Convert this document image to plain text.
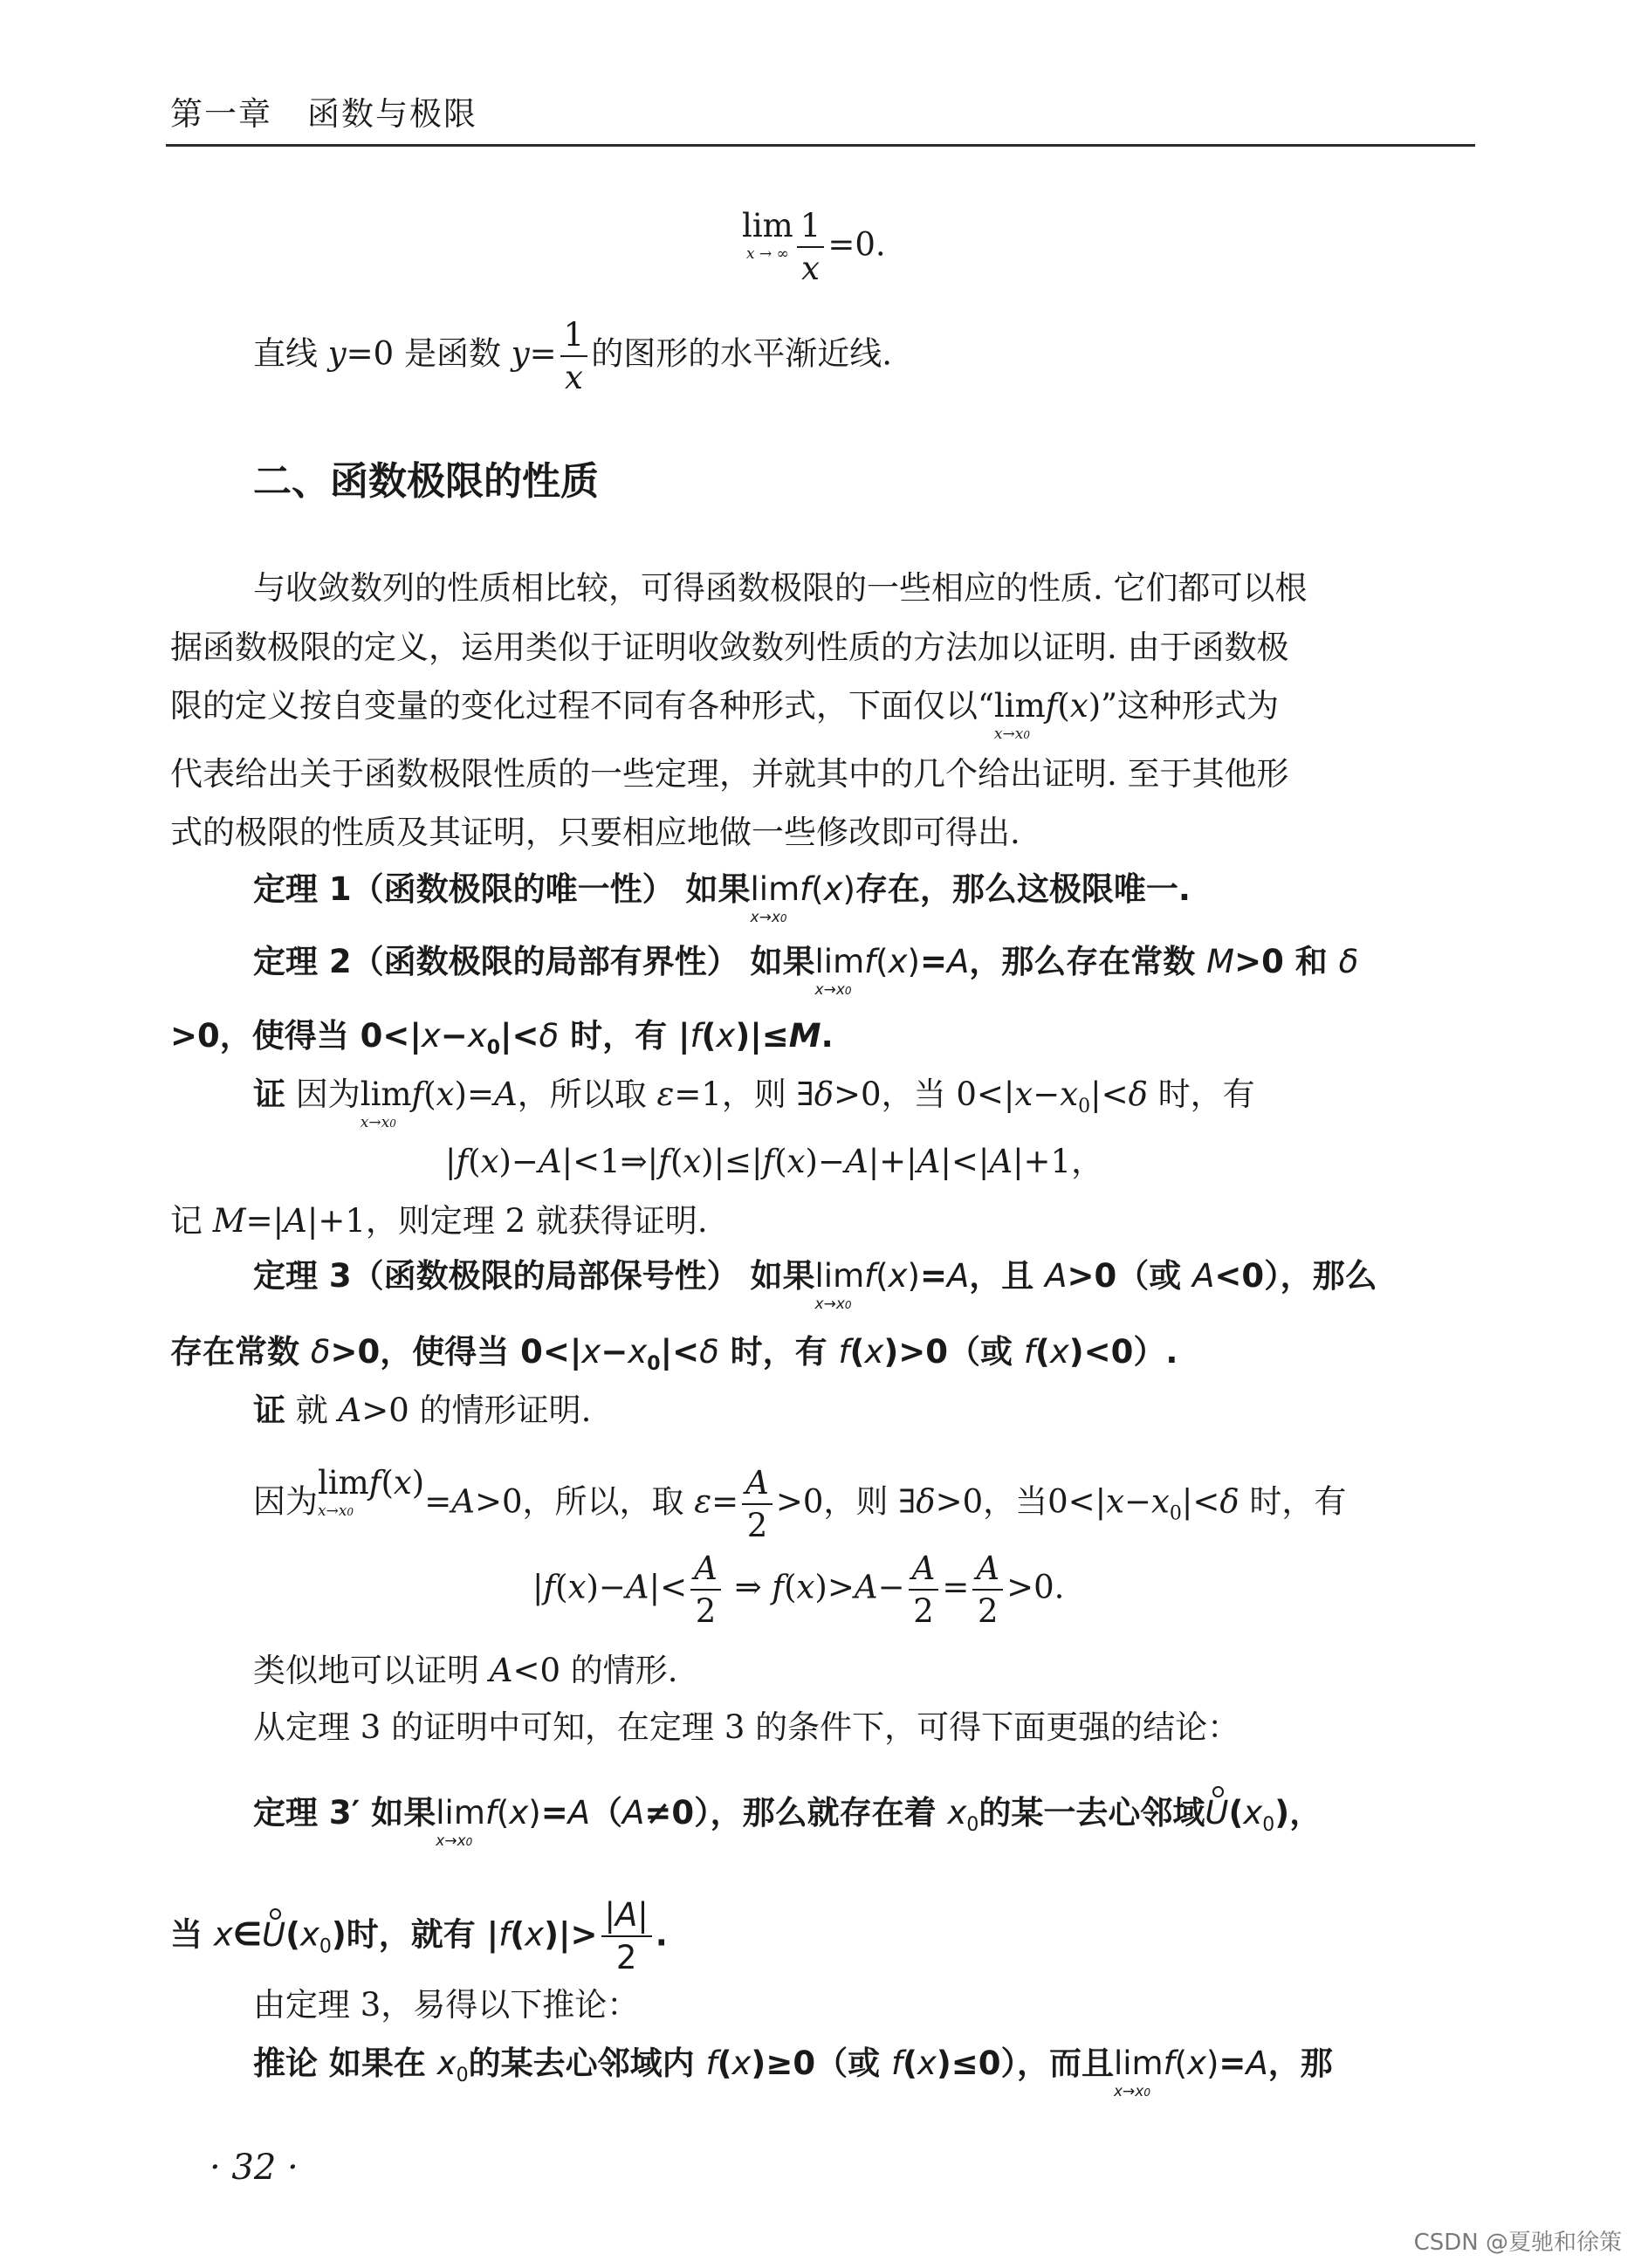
第一章 函数与极限
lim
x → ∞ $\frac{1}{x} =0$.
直线 y=0 是函数 $y= \frac{1}{x}$ 的图形的水平渐近线.
二、函数极限的性质
与收敛数列的性质相比较，可得函数极限的一些相应的性质. 它们都可以根
据函数极限的定义，运用类似于证明收敛数列性质的方法加以证明. 由于函数极
限的定义按自变量的变化过程不同有各种形式，下面仅以“ limf(x)
x→x0
”这种形式为
代表给出关于函数极限性质的一些定理，并就其中的几个给出证明. 至于其他形
式的极限的性质及其证明，只要相应地做一些修改即可得出.
定理 1（函数极限的唯一性） 如果 limf(x)
x→x0
存在，那么这极限唯一.
定理 2（函数极限的局部有界性） 如果 limf(x)
x→x0
=A，那么存在常数 M>0 和 δ
>0，使得当 $0<|x-x_0|<\delta$ 时，有 |f(x)|≤M.
证 因为 limf(x)
x→x0
=A，所以取 ε=1，则 ∃δ>0，当 $0<|x-x_0|<\delta$ 时，有
|f(x)−A|<1⇒|f(x)|≤|f(x)−A|+|A|<|A|+1，
记 M=|A|+1，则定理 2 就获得证明.
定理 3（函数极限的局部保号性） 如果 limf(x)
x→x0
=A，且 A>0（或 A<0），那么
存在常数 δ>0，使得当 $0<|x-x_0|<\delta$ 时，有 f(x)>0（或 f(x)<0）.
证 就 A>0 的情形证明.
因为 limf(x)
x→x0	=A>0，所以，取 $\varepsilon= \frac{A}{2} >0$，则 ∃δ>0，当$0<|x-x_0|<\delta$ 时，有
$|f(x)-A|< \frac{A}{2}$ ⇒ $f(x)>A- \frac{A}{2} = \frac{A}{2} >0$.
类似地可以证明 A<0 的情形.
从定理 3 的证明中可知，在定理 3 的条件下，可得下面更强的结论：
定理 3′ 如果 limf(x)
x→x0
=A（A≠0），那么就存在着 $x_0$的某一去心邻域$U(x_0)$，
当 $x\in U(x_0)$时，就有 $|f(x)|> \frac{|A|}{2}$ .
由定理 3，易得以下推论：
推论 如果在 $x_0$的某去心邻域内 f(x)≥0（或 f(x)≤0），而且 limf(x)
x→x0
=A，那
· 32 ·
CSDN @夏驰和徐策
